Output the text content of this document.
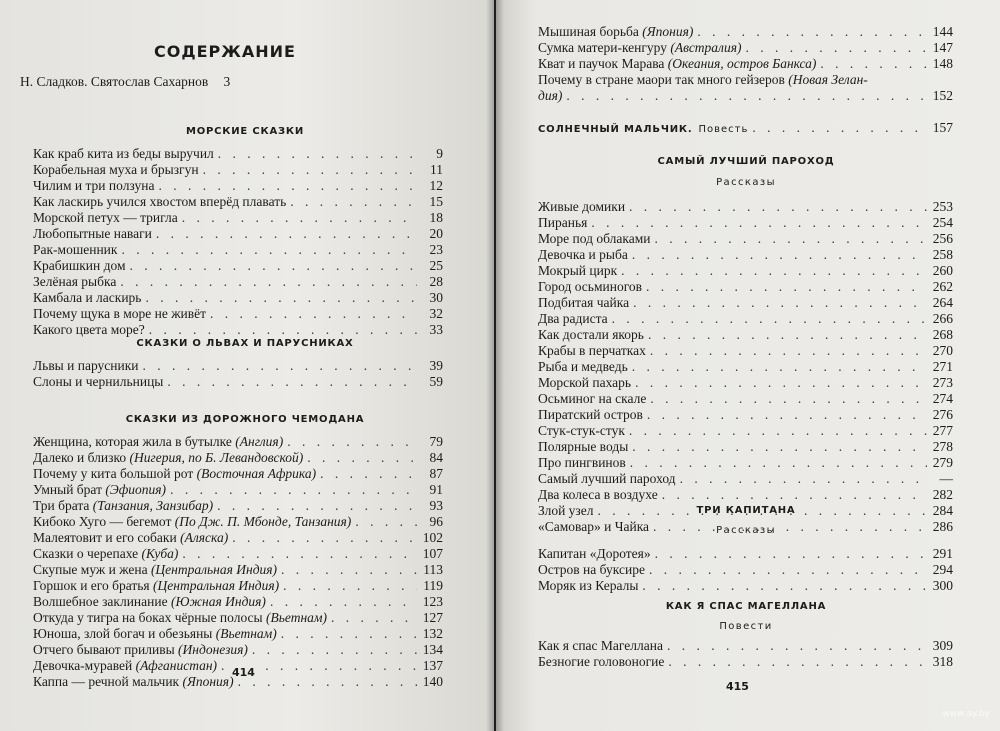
СОДЕРЖАНИЕ
Н. Сладков. Святослав Сахарнов	3
МОРСКИЕ СКАЗКИ
Как краб кита из беды выручил . . .	9
Корабельная муха и брызгун . . .	11
Чилим и три ползуна . . .	12
Как ласкирь учился хвостом вперёд плавать . . .	15
Морской петух — тригла . . .	18
Любопытные наваги . . .	20
Рак-мошенник . . .	23
Крабишкин дом . . .	25
Зелёная рыбка . . .	28
Камбала и ласкирь . . .	30
Почему щука в море не живёт . . .	32
Какого цвета море? . . .	33
СКАЗКИ О ЛЬВАХ И ПАРУСНИКАХ
Львы и парусники . . .	39
Слоны и чернильницы . . .	59
СКАЗКИ ИЗ ДОРОЖНОГО ЧЕМОДАНА
Женщина, которая жила в бутылке (Англия) . . .	79
Далеко и близко (Нигерия, по Б. Левандовской) . . .	84
Почему у кита большой рот (Восточная Африка) . . .	87
Умный брат (Эфиопия) . . .	91
Три брата (Танзания, Занзибар) . . .	93
Кибоко Хуго — бегемот (По Дж. П. Мбонде, Танзания) . . .	96
Малеятовит и его собаки (Аляска) . . .	102
Сказки о черепахе (Куба) . . .	107
Скупые муж и жена (Центральная Индия) . . .	113
Горшок и его братья (Центральная Индия) . . .	119
Волшебное заклинание (Южная Индия) . . .	123
Откуда у тигра на боках чёрные полосы (Вьетнам) . . .	127
Юноша, злой богач и обезьяны (Вьетнам) . . .	132
Отчего бывают приливы (Индонезия) . . .	134
Девочка-муравей (Афганистан) . . .	137
Каппа — речной мальчик (Япония) . . .	140
414
Мышиная борьба (Япония) . . .	144
Сумка матери-кенгуру (Австралия) . . .	147
Кват и паучок Марава (Океания, остров Банкса) . . .	148
Почему в стране маори так много гейзеров (Новая Зелан-
дия) . . .	152
СОЛНЕЧНЫЙ МАЛЬЧИК. Повесть . . .	157
САМЫЙ ЛУЧШИЙ ПАРОХОД
Рассказы
Живые домики . . .	253
Пиранья . . .	254
Море под облаками . . .	256
Девочка и рыба . . .	258
Мокрый цирк . . .	260
Город осьминогов . . .	262
Подбитая чайка . . .	264
Два радиста . . .	266
Как достали якорь . . .	268
Крабы в перчатках . . .	270
Рыба и медведь . . .	271
Морской пахарь . . .	273
Осьминог на скале . . .	274
Пиратский остров . . .	276
Стук-стук-стук . . .	277
Полярные воды . . .	278
Про пингвинов . . .	279
Самый лучший пароход . . .	—
Два колеса в воздухе . . .	282
Злой узел . . .	284
«Самовар» и Чайка . . .	286
ТРИ КАПИТАНА
Рассказы
Капитан «Доротея» . . .	291
Остров на буксире . . .	294
Моряк из Кералы . . .	300
КАК Я СПАС МАГЕЛЛАНА
Повести
Как я спас Магеллана . . .	309
Безногие головоногие . . .	318
415
www.ay.by
